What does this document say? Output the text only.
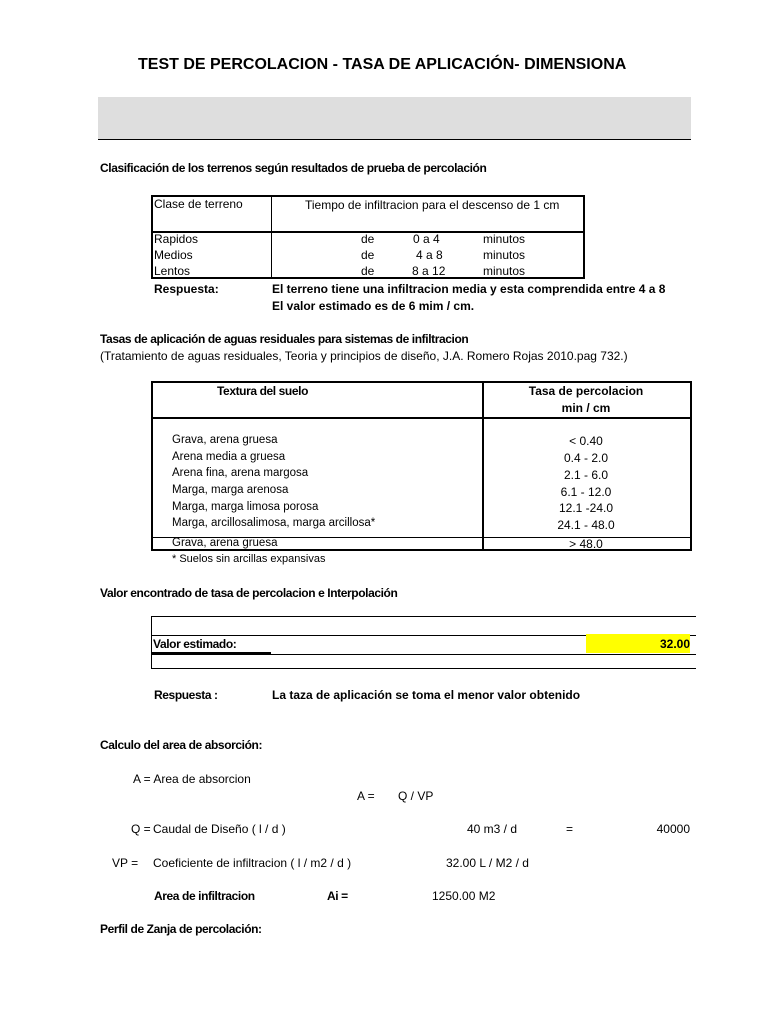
TEST DE PERCOLACION - TASA DE APLICACIÓN- DIMENSIONA
Clasificación de los terrenos según resultados de prueba de percolación
Clase de terreno	Tiempo de infiltracion para el descenso de 1 cm
Rapidos	de	0 a 4	minutos
Medios	de	4 a 8	minutos
Lentos	de	8 a 12	minutos
Respuesta:	El terreno tiene una infiltracion media y esta comprendida entre 4 a 8
El valor estimado es de 6 mim / cm.
Tasas de aplicación de aguas residuales para sistemas de infiltracion
(Tratamiento de aguas residuales, Teoria y principios de diseño, J.A. Romero Rojas 2010.pag 732.)
Textura del suelo	Tasa de percolacion
min / cm
Grava, arena gruesa	< 0.40
Arena media a gruesa	0.4 - 2.0
Arena fina, arena margosa	2.1 - 6.0
Marga, marga arenosa	6.1 - 12.0
Marga, marga limosa porosa	12.1 -24.0
Marga, arcillosalimosa, marga arcillosa*	24.1 - 48.0
Grava, arena gruesa	> 48.0
* Suelos sin arcillas expansivas
Valor encontrado de tasa de percolacion e Interpolación
Valor estimado:	32.00
Respuesta :	La taza de aplicación se toma el menor valor obtenido
Calculo del area de absorción:
A = Area de absorcion
A = Q / VP
Q = Caudal de Diseño ( l / d )	40 m3 / d	=	40000
VP = Coeficiente de infiltracion ( l / m2 / d )	32.00 L / M2 / d
Area de infiltracion	Ai =	1250.00 M2
Perfil de Zanja de percolación:
